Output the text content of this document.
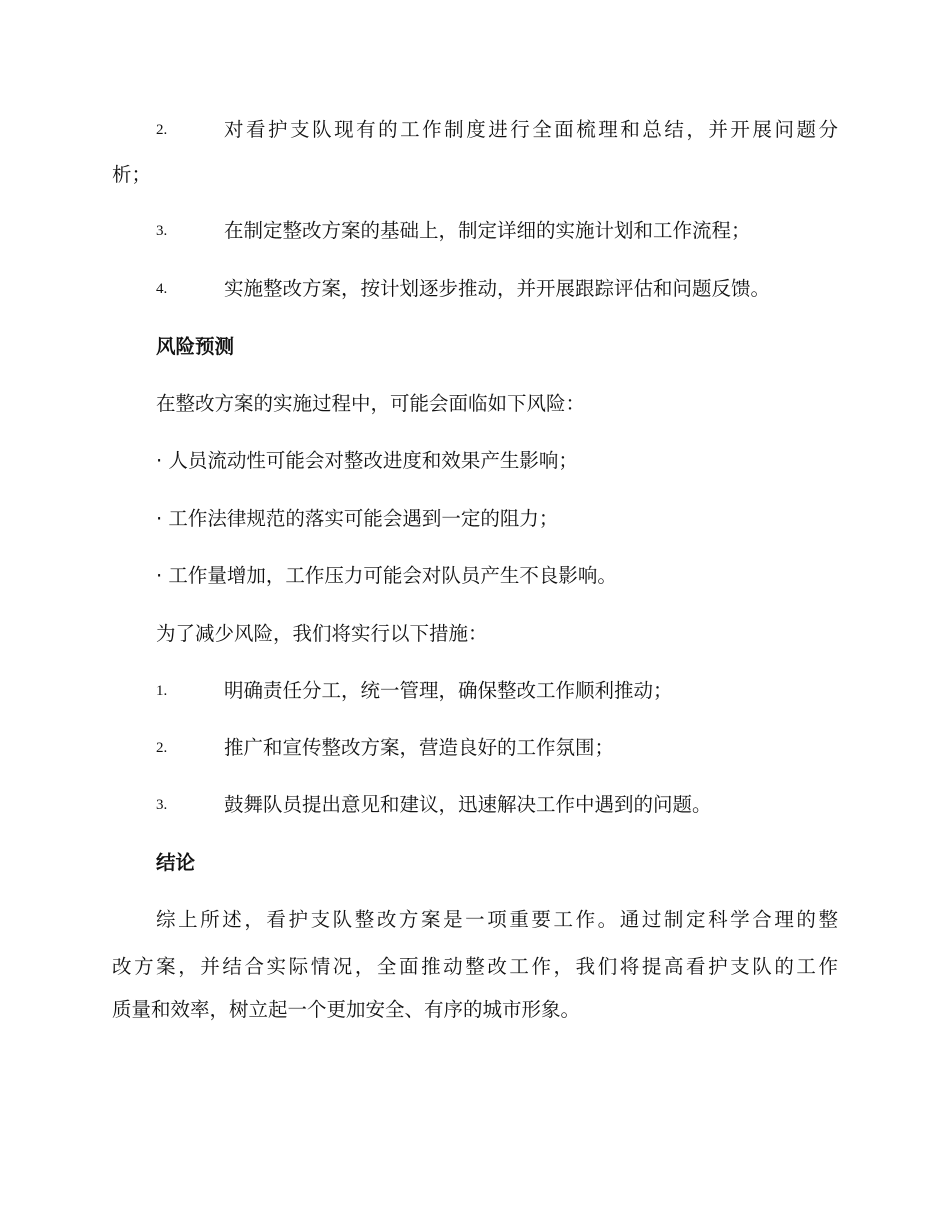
2.	对看护支队现有的工作制度进行全面梳理和总结，并开展问题分
析；
3.	在制定整改方案的基础上，制定详细的实施计划和工作流程；
4.	实施整改方案，按计划逐步推动，并开展跟踪评估和问题反馈。
风险预测
在整改方案的实施过程中，可能会面临如下风险：
· 人员流动性可能会对整改进度和效果产生影响；
· 工作法律规范的落实可能会遇到一定的阻力；
· 工作量增加，工作压力可能会对队员产生不良影响。
为了减少风险，我们将实行以下措施：
1.	明确责任分工，统一管理，确保整改工作顺利推动；
2.	推广和宣传整改方案，营造良好的工作氛围；
3.	鼓舞队员提出意见和建议，迅速解决工作中遇到的问题。
结论
综上所述，看护支队整改方案是一项重要工作。通过制定科学合理的整
改方案，并结合实际情况，全面推动整改工作，我们将提高看护支队的工作
质量和效率，树立起一个更加安全、有序的城市形象。
